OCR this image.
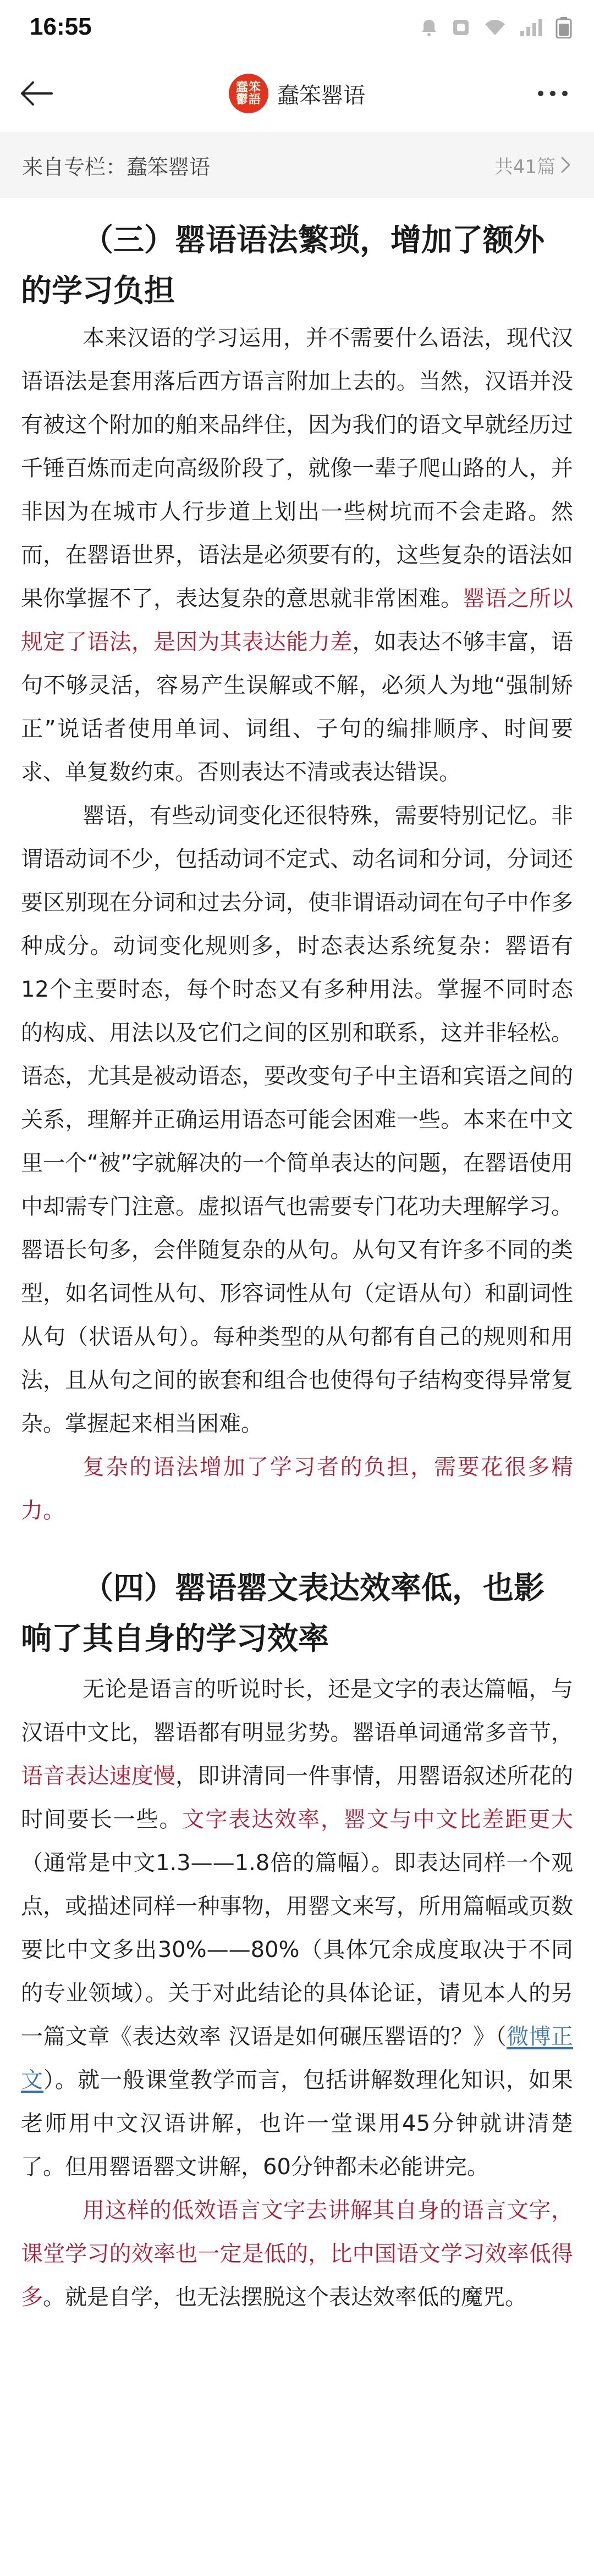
16:55
蠢笨
鬱語 蠢笨罂语
来自专栏：蠢笨罂语	共41篇
（三）罂语语法繁琐，增加了额外的学习负担

本来汉语的学习运用，并不需要什么语法，现代汉语语法是套用落后西方语言附加上去的。当然，汉语并没有被这个附加的舶来品绊住，因为我们的语文早就经历过千锤百炼而走向高级阶段了，就像一辈子爬山路的人，并非因为在城市人行步道上划出一些树坑而不会走路。然而，在罂语世界，语法是必须要有的，这些复杂的语法如果你掌握不了，表达复杂的意思就非常困难。罂语之所以规定了语法，是因为其表达能力差，如表达不够丰富，语句不够灵活，容易产生误解或不解，必须人为地“强制矫正”说话者使用单词、词组、子句的编排顺序、时间要求、单复数约束。否则表达不清或表达错误。

罂语，有些动词变化还很特殊，需要特别记忆。非谓语动词不少，包括动词不定式、动名词和分词，分词还要区别现在分词和过去分词，使非谓语动词在句子中作多种成分。动词变化规则多，时态表达系统复杂：罂语有12个主要时态，每个时态又有多种用法。掌握不同时态的构成、用法以及它们之间的区别和联系，这并非轻松。语态，尤其是被动语态，要改变句子中主语和宾语之间的关系，理解并正确运用语态可能会困难一些。本来在中文里一个“被”字就解决的一个简单表达的问题，在罂语使用中却需专门注意。虚拟语气也需要专门花功夫理解学习。罂语长句多，会伴随复杂的从句。从句又有许多不同的类型，如名词性从句、形容词性从句（定语从句）和副词性从句（状语从句）。每种类型的从句都有自己的规则和用法，且从句之间的嵌套和组合也使得句子结构变得异常复杂。掌握起来相当困难。

复杂的语法增加了学习者的负担，需要花很多精力。

（四）罂语罂文表达效率低，也影响了其自身的学习效率

无论是语言的听说时长，还是文字的表达篇幅，与汉语中文比，罂语都有明显劣势。罂语单词通常多音节，语音表达速度慢，即讲清同一件事情，用罂语叙述所花的时间要长一些。文字表达效率，罂文与中文比差距更大（通常是中文1.3——1.8倍的篇幅）。即表达同样一个观点，或描述同样一种事物，用罂文来写，所用篇幅或页数要比中文多出30%——80%（具体冗余成度取决于不同的专业领域）。关于对此结论的具体论证，请见本人的另一篇文章《表达效率 汉语是如何碾压罂语的？》（微博正文）。就一般课堂教学而言，包括讲解数理化知识，如果老师用中文汉语讲解，也许一堂课用45分钟就讲清楚了。但用罂语罂文讲解，60分钟都未必能讲完。

用这样的低效语言文字去讲解其自身的语言文字，课堂学习的效率也一定是低的，比中国语文学习效率低得多。就是自学，也无法摆脱这个表达效率低的魔咒。
